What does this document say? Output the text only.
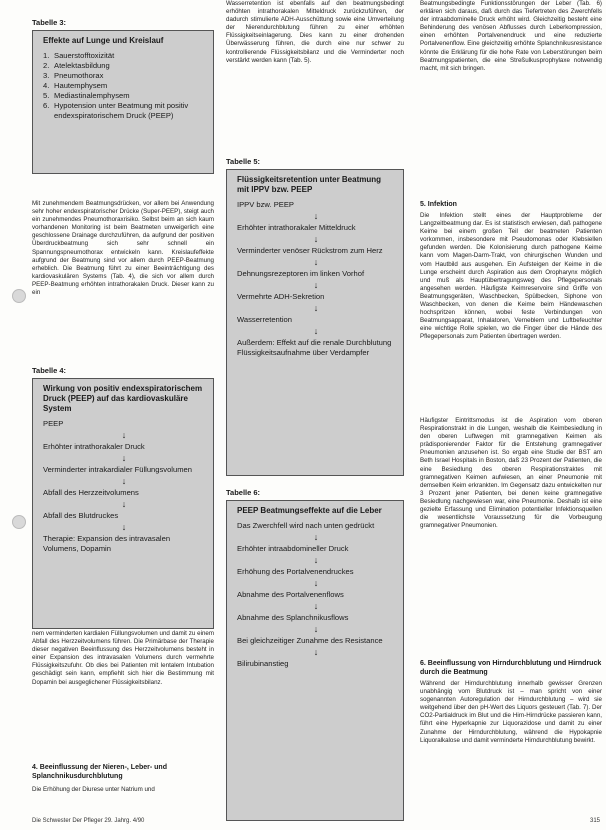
Tabelle 3:
Effekte auf Lunge und Kreislauf
1. Sauerstofftoxizität
2. Atelektasbildung
3. Pneumothorax
4. Hautemphysem
5. Mediastinalemphysem
6. Hypotension unter Beatmung mit positiv endexspiratorischem Druck (PEEP)

Mit zunehmendem Beatmungsdrücken, vor allem bei Anwendung sehr hoher endexspiratorischer Drücke (Super-PEEP), steigt auch ein zunehmendes Pneumothoraxrisiko. Selbst beim an sich kaum vorhandenen Monitoring ist beim Beatmeten unweigerlich eine geschlossene Drainage durchzuführen, da aufgrund der positiven Überdruckbeatmung sich sehr schnell ein Spannungspneumothorax entwickeln kann. Kreislaufeffekte aufgrund der Beatmung sind vor allem durch PEEP-Beatmung erheblich. Die Beatmung führt zu einer Beeinträchtigung des kardiovaskulären Systems (Tab. 4), die sich vor allem durch PEEP-Beatmung erhöhten intrathorakalen Druck. Dieser kann zu ein

Tabelle 4:
Wirkung von positiv endexspiratorischem Druck (PEEP) auf das kardiovaskuläre System
PEEP
↓
Erhöhter intrathorakaler Druck
↓
Verminderter intrakardialer Füllungsvolumen
↓
Abfall des Herzzeitvolumens
↓
Abfall des Blutdruckes
↓
Therapie: Expansion des intravasalen Volumens, Dopamin

nem verminderten kardialen Füllungsvolumen und damit zu einem Abfall des Herzzeitvolumens führen. Die Primärbase der Therapie dieser negativen Beeinflussung des Herzzeitvolumens besteht in einer Expansion des intravasalen Volumens durch vermehrte Flüssigkeitszufuhr. Ob dies bei Patienten mit lentalem Intubation geschädigt sein kann, empfiehlt sich hier die Bestimmung mit Dopamin bei ausgeglichener Flüssigkeitsbilanz.

4. Beeinflussung der Nieren-, Leber- und Splanchnikusdurchblutung

Die Erhöhung der Diurese unter Natrium und

Wasserretention ist ebenfalls auf den beatmungsbedingt erhöhten intrathorakalen Mitteldruck zurückzuführen, der dadurch stimulierte ADH-Ausschüttung sowie eine Umverteilung der Nierendurchblutung führen zu einer erhöhten Flüssigkeitseinlagerung. Dies kann zu einer drohenden Überwässerung führen, die durch eine nur schwer zu kontrollierende Flüssigkeitsbilanz und die Verminderter noch verstärkt werden kann (Tab. 5).

Tabelle 5:
Flüssigkeitsretention unter Beatmung mit IPPV bzw. PEEP
IPPV bzw. PEEP
↓
Erhöhter intrathorakaler Mitteldruck
↓
Verminderter venöser Rückstrom zum Herz
↓
Dehnungsrezeptoren im linken Vorhof
↓
Vermehrte ADH-Sekretion
↓
Wasserretention
↓
Außerdem: Effekt auf die renale Durchblutung Flüssigkeitsaufnahme über Verdampfer
Tabelle 6:
PEEP Beatmungseffekte auf die Leber
Das Zwerchfell wird nach unten gedrückt
↓
Erhöhter intraabdomineller Druck
↓
Erhöhung des Portalvenendruckes
↓
Abnahme des Portalvenenflows
↓
Abnahme des Splanchnikusflows
↓
Bei gleichzeitiger Zunahme des Resistance
↓
Bilirubinanstieg

Beatmungsbedingte Funktionsstörungen der Leber (Tab. 6) erklären sich daraus, daß durch das Tiefertreten des Zwerchfells der intraabdominelle Druck erhöht wird. Gleichzeitig besteht eine Behinderung des venösen Abflusses durch Leberkompression, einen erhöhten Portalvenendruck und eine reduzierte Portalvenenflow. Eine gleichzeitig erhöhte Splanchnikusresistance könnte die Erklärung für die hohe Rate von Leberstörungen beim Beatmungspatienten, die eine Streßulkusprophylaxe notwendig macht, mit sich bringen.

5. Infektion

Die Infektion stellt eines der Hauptprobleme der Langzeitbeatmung dar. Es ist statistisch erwiesen, daß pathogene Keime bei einem großen Teil der beatmeten Patienten vorkommen, insbesondere mit Pseudomonas oder Klebsiellen gefunden werden. Die Kolonisierung durch pathogene Keime kann vom Magen-Darm-Trakt, von chirurgischen Wunden und vom Hautbild aus ausgehen. Ein Aufsteigen der Keime in die Lunge erscheint durch Aspiration aus dem Oropharynx möglich und muß als Hauptübertragungsweg des Pflegepersonals angesehen werden. Häufigste Keimreservoire sind Griffe von Beatmungsgeräten, Waschbecken, Spülbecken, Siphone von Waschbecken, von denen die Keime beim Händewaschen hochspritzen können, wobei feste Verbindungen von Beatmungsapparat, Inhalatoren, Verneblern und Luftbefeuchter eine wichtige Rolle spielen, wo die Finger über die Hände des Pflegepersonals zum Patienten übertragen werden.

Häufigster Eintrittsmodus ist die Aspiration vom oberen Respirationstrakt in die Lungen, weshalb die Keimbesiedlung in den oberen Luftwegen mit gramnegativen Keimen als prädisponierender Faktor für die Entstehung gramnegativer Pneumonien anzusehen ist. So ergab eine Studie der BST am Beth Israel Hospitals in Boston, daß 23 Prozent der Patienten, die eine Besiedlung des oberen Respirationstraktes mit gramnegativen Keimen aufwiesen, an einer Pneumonie mit demselben Keim erkrankten. Im Gegensatz dazu entwickelten nur 3 Prozent jener Patienten, bei denen keine gramnegative Besiedlung nachgewiesen war, eine Pneumonie. Deshalb ist eine gezielte Erfassung und Elimination potentieller Infektionsquellen die wesentlichste Voraussetzung für die Vorbeugung gramnegativer Pneumonien.

6. Beeinflussung von Hirndurchblutung und Hirndruck durch die Beatmung

Während der Hirndurchblutung innerhalb gewisser Grenzen unabhängig vom Blutdruck ist – man spricht von einer sogenannten Autoregulation der Hirndurchblutung – wird sie weitgehend über den pH-Wert des Liquors gesteuert (Tab. 7). Der CO2-Partialdruck im Blut und die Hirn-Hirndrücke passieren kann, führt eine Hyperkapnie zur Liquorazidose und damit zu einer Zunahme der Hirndurchblutung, während die Hypokapnie Liquoralkalose und damit verminderte Hirndurchblutung bewirkt.

Die Schwester Der Pfleger 29. Jahrg. 4/90	315
